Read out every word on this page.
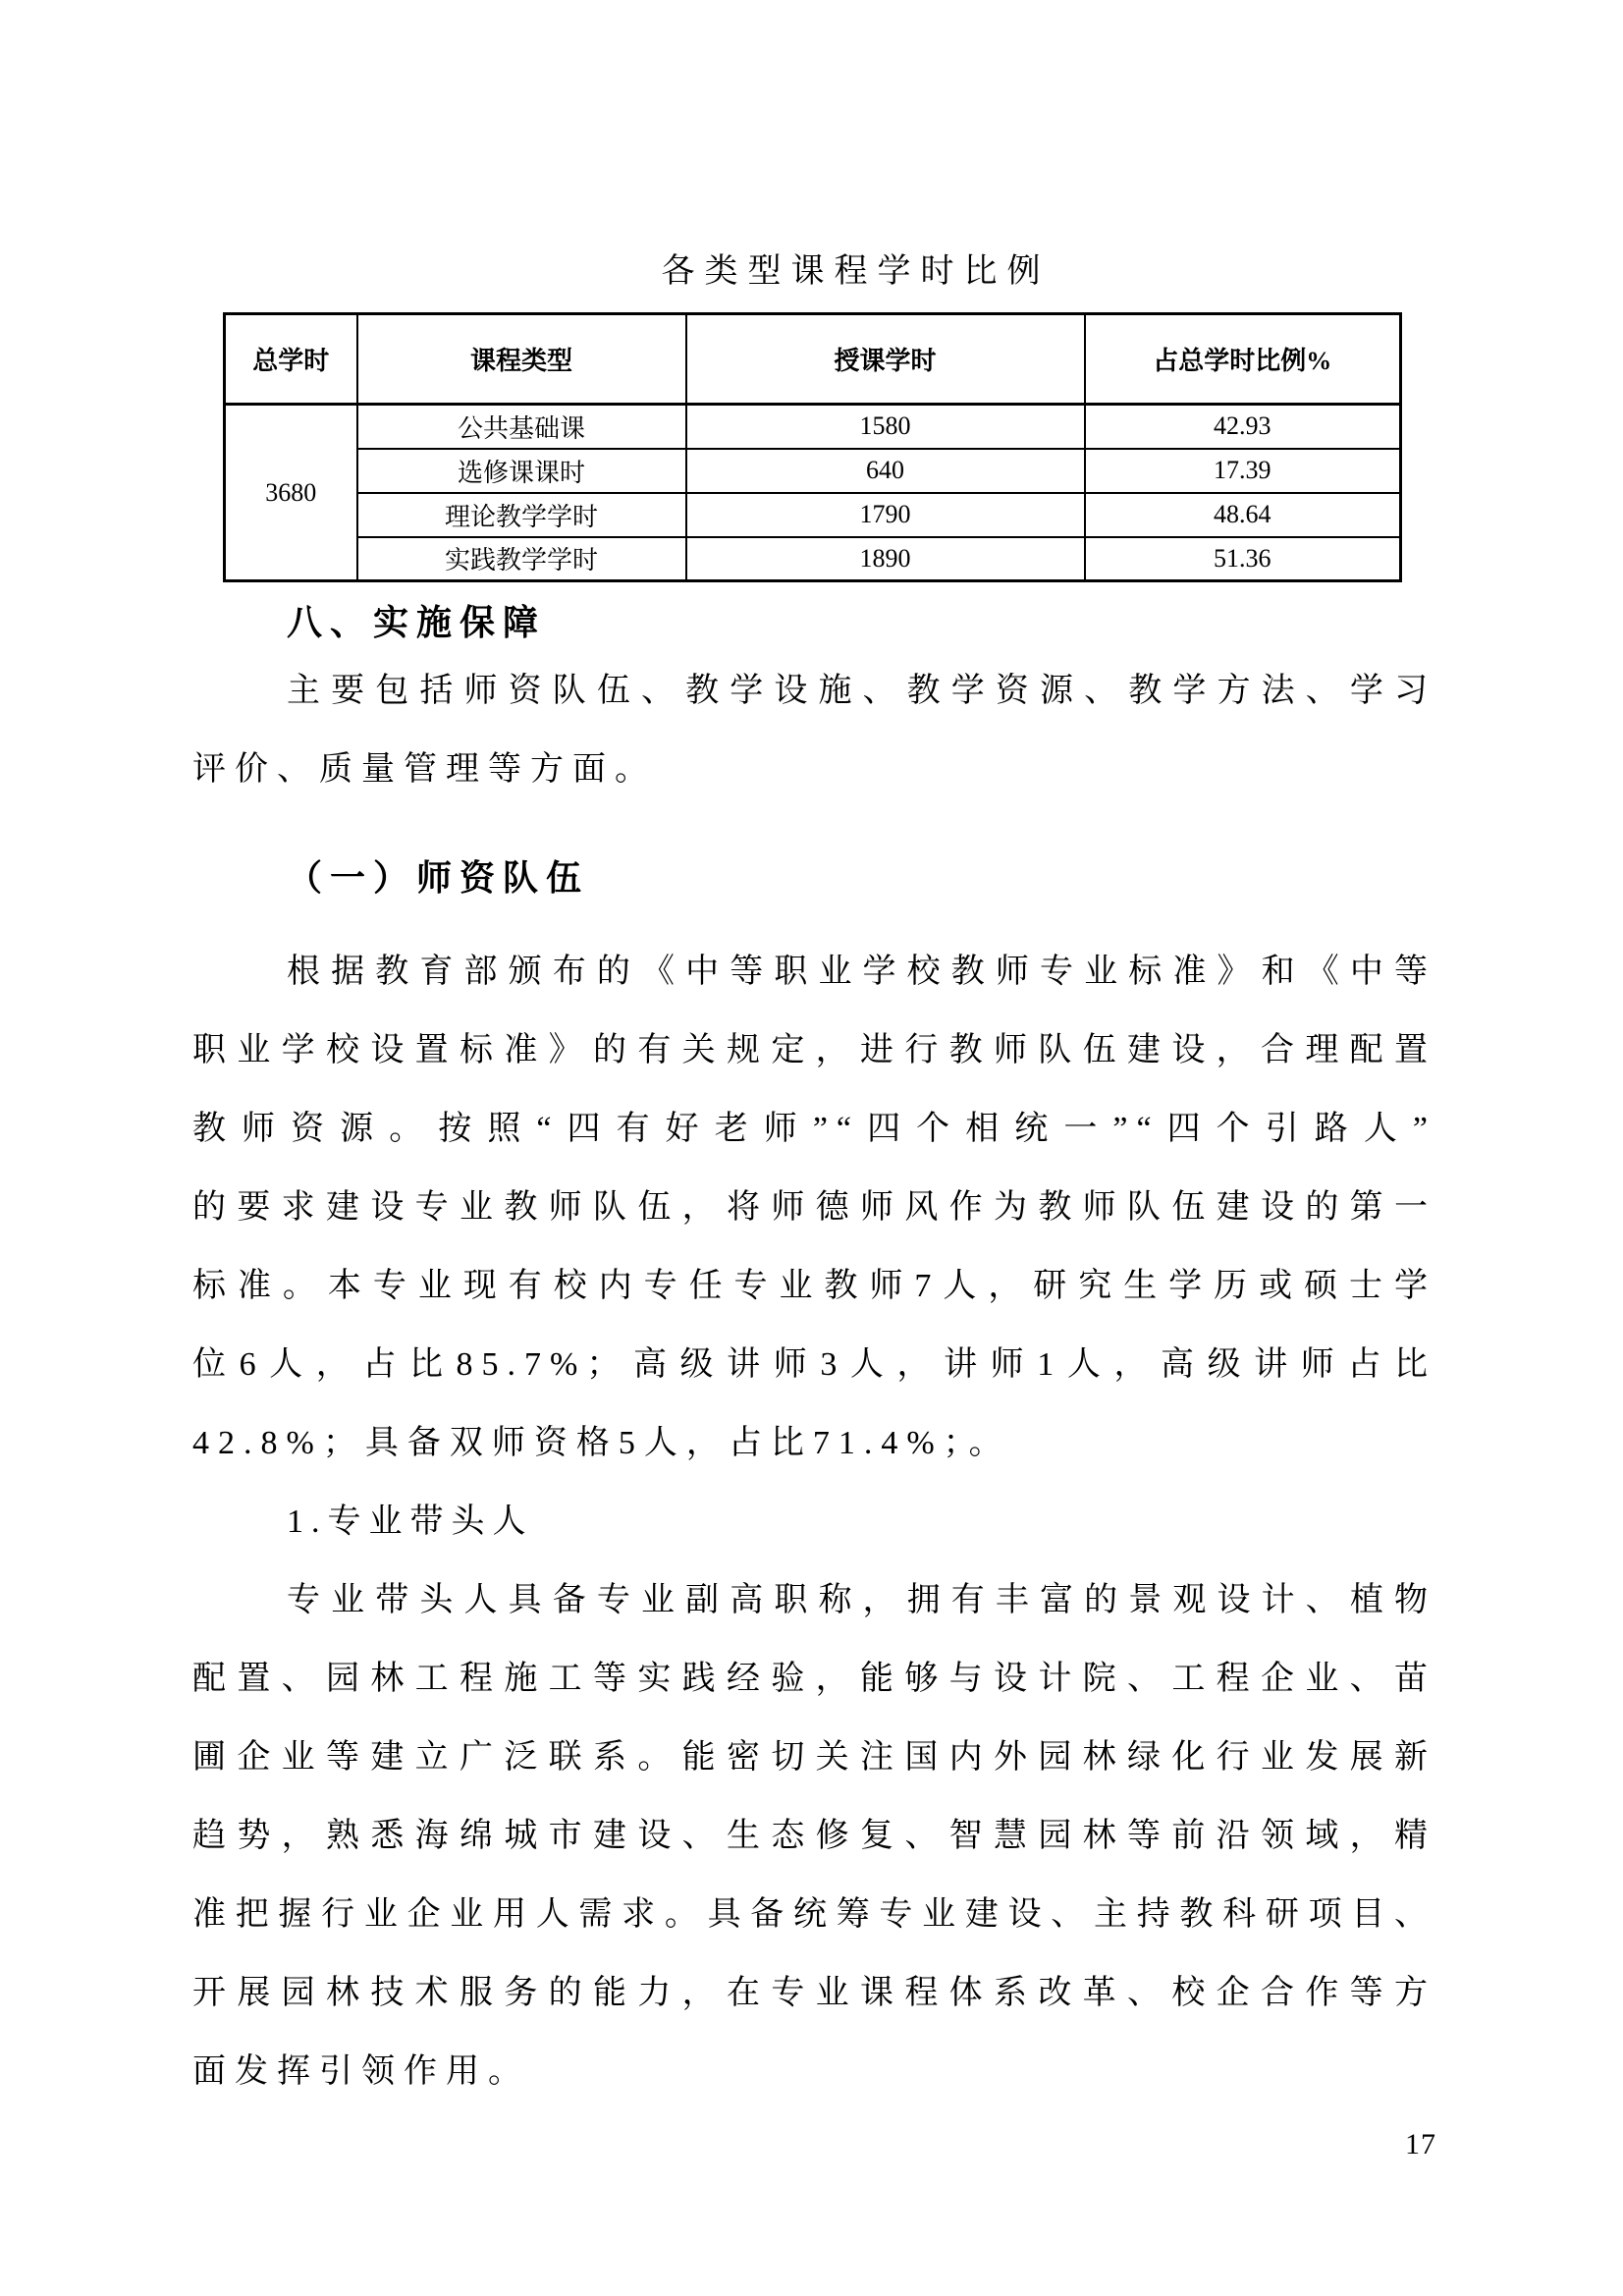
各类型课程学时比例
总学时	课程类型	授课学时	占总学时比例%
3680	公共基础课	1580	42.93
	选修课课时	640	17.39
	理论教学学时	1790	48.64
	实践教学学时	1890	51.36
八、实施保障
主要包括师资队伍、教学设施、教学资源、教学方法、学习
评价、质量管理等方面。
（一）师资队伍
根据教育部颁布的《中等职业学校教师专业标准》和《中等
职业学校设置标准》的有关规定，进行教师队伍建设，合理配置
教师资源。按照“四有好老师”“四个相统一”“四个引路人”
的要求建设专业教师队伍，将师德师风作为教师队伍建设的第一
标准。本专业现有校内专任专业教师7人，研究生学历或硕士学
位6人，占比85.7%；高级讲师3人，讲师1人，高级讲师占比
42.8%；具备双师资格5人，占比71.4%；。
1.专业带头人
专业带头人具备专业副高职称，拥有丰富的景观设计、植物
配置、园林工程施工等实践经验，能够与设计院、工程企业、苗
圃企业等建立广泛联系。能密切关注国内外园林绿化行业发展新
趋势，熟悉海绵城市建设、生态修复、智慧园林等前沿领域，精
准把握行业企业用人需求。具备统筹专业建设、主持教科研项目、
开展园林技术服务的能力，在专业课程体系改革、校企合作等方
面发挥引领作用。
17
